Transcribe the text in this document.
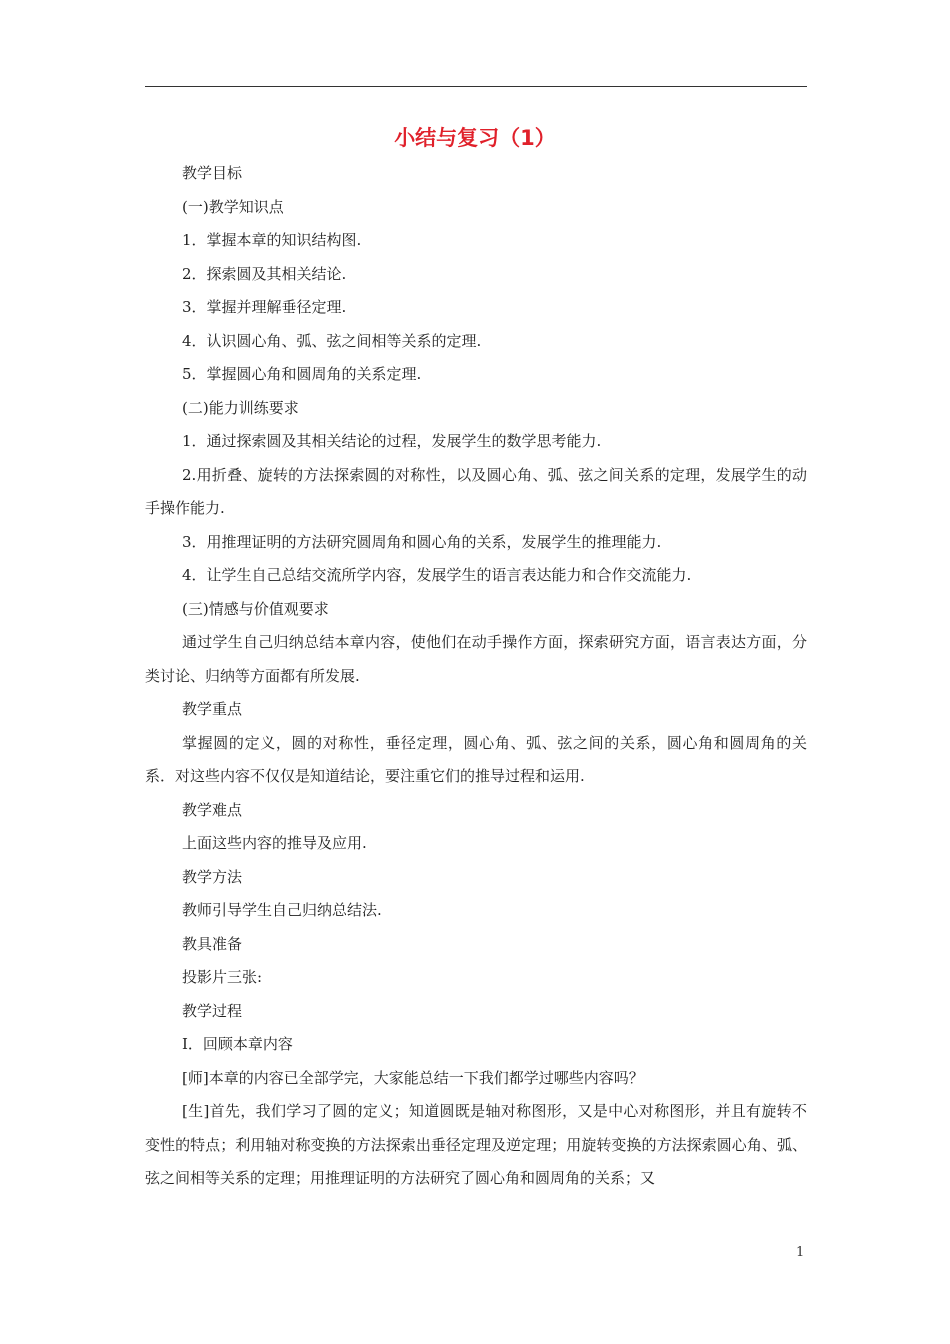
小结与复习（1）

教学目标

(一)教学知识点

1．掌握本章的知识结构图.

2．探索圆及其相关结论.

3．掌握并理解垂径定理.

4．认识圆心角、弧、弦之间相等关系的定理.

5．掌握圆心角和圆周角的关系定理.

(二)能力训练要求

1．通过探索圆及其相关结论的过程，发展学生的数学思考能力.

2.用折叠、旋转的方法探索圆的对称性，以及圆心角、弧、弦之间关系的定理，发展学生的动手操作能力.

3．用推理证明的方法研究圆周角和圆心角的关系，发展学生的推理能力.

4．让学生自己总结交流所学内容，发展学生的语言表达能力和合作交流能力.

(三)情感与价值观要求

通过学生自己归纳总结本章内容，使他们在动手操作方面，探索研究方面，语言表达方面，分类讨论、归纳等方面都有所发展.

教学重点

掌握圆的定义，圆的对称性，垂径定理，圆心角、弧、弦之间的关系，圆心角和圆周角的关系．对这些内容不仅仅是知道结论，要注重它们的推导过程和运用.

教学难点

上面这些内容的推导及应用.

教学方法

教师引导学生自己归纳总结法.

教具准备

投影片三张:

教学过程

Ⅰ．回顾本章内容

[师]本章的内容已全部学完，大家能总结一下我们都学过哪些内容吗？

[生]首先，我们学习了圆的定义；知道圆既是轴对称图形，又是中心对称图形，并且有旋转不变性的特点；利用轴对称变换的方法探索出垂径定理及逆定理；用旋转变换的方法探索圆心角、弧、弦之间相等关系的定理；用推理证明的方法研究了圆心角和圆周角的关系；又

1
